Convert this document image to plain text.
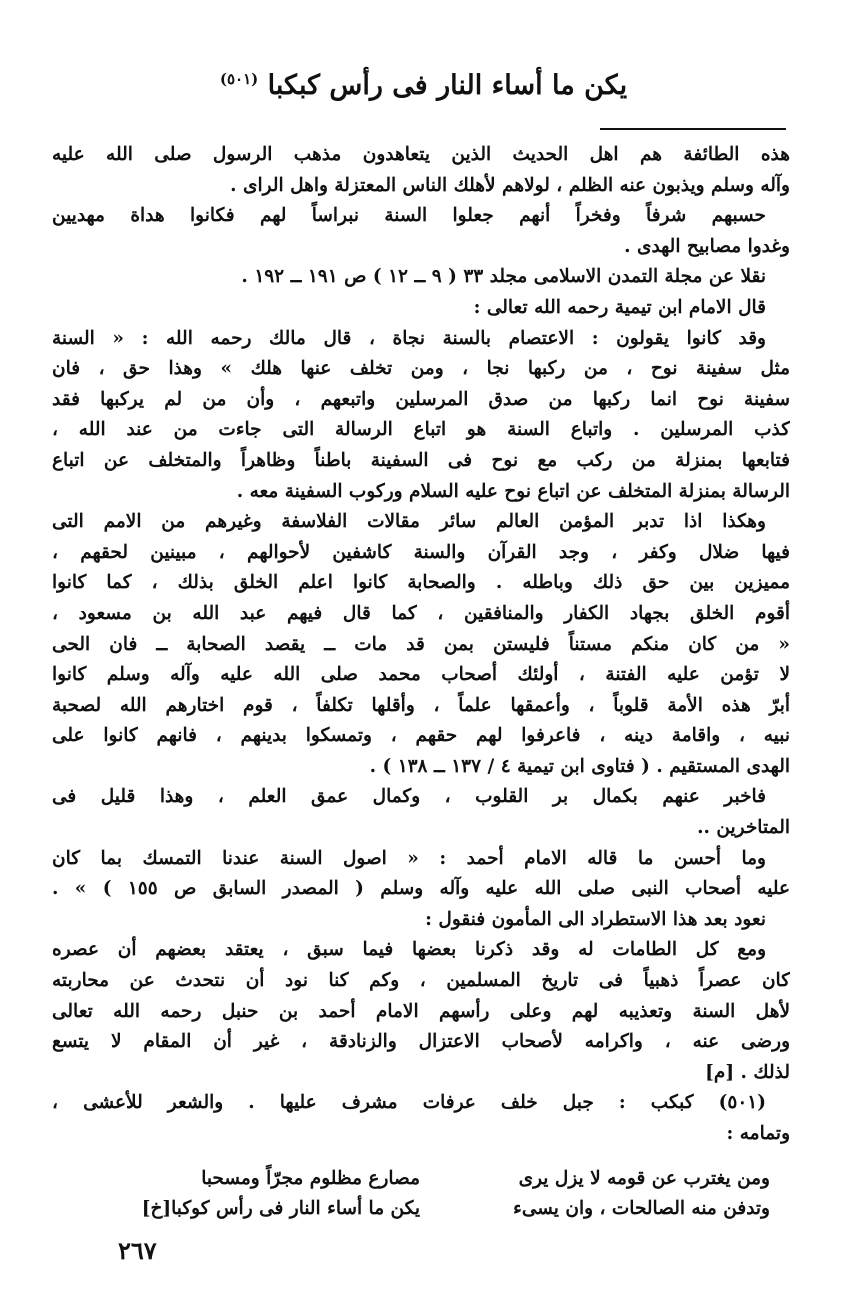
يكن ما أساء النار فى رأس كبكبا $^{(٥٠١)}$
هذه الطائفة هم اهل الحديث الذين يتعاهدون مذهب الرسول صلى الله عليه
وآله وسلم ويذبون عنه الظلم ، لولاهم لأهلك الناس المعتزلة واهل الراى .
حسبهم شرفاً وفخراً أنهم جعلوا السنة نبراساً لهم فكانوا هداة مهديين
وغدوا مصابيح الهدى .
نقلا عن مجلة التمدن الاسلامى مجلد ٣٣ ( ٩ ــ ١٢ ) ص ١٩١ ــ ١٩٢ .
قال الامام ابن تيمية رحمه الله تعالى :
وقد كانوا يقولون : الاعتصام بالسنة نجاة ، قال مالك رحمه الله : « السنة
مثل سفينة نوح ، من ركبها نجا ، ومن تخلف عنها هلك » وهذا حق ، فان
سفينة نوح انما ركبها من صدق المرسلين واتبعهم ، وأن من لم يركبها فقد
كذب المرسلين . واتباع السنة هو اتباع الرسالة التى جاءت من عند الله ،
فتابعها بمنزلة من ركب مع نوح فى السفينة باطناً وظاهراً والمتخلف عن اتباع
الرسالة بمنزلة المتخلف عن اتباع نوح عليه السلام وركوب السفينة معه .
وهكذا اذا تدبر المؤمن العالم سائر مقالات الفلاسفة وغيرهم من الامم التى
فيها ضلال وكفر ، وجد القرآن والسنة كاشفين لأحوالهم ، مبينين لحقهم ،
مميزين بين حق ذلك وباطله . والصحابة كانوا اعلم الخلق بذلك ، كما كانوا
أقوم الخلق بجهاد الكفار والمنافقين ، كما قال فيهم عبد الله بن مسعود ،
« من كان منكم مستناً فليستن بمن قد مات ــ يقصد الصحابة ــ فان الحى
لا تؤمن عليه الفتنة ، أولئك أصحاب محمد صلى الله عليه وآله وسلم كانوا
أبرّ هذه الأمة قلوباً ، وأعمقها علماً ، وأقلها تكلفاً ، قوم اختارهم الله لصحبة
نبيه ، واقامة دينه ، فاعرفوا لهم حقهم ، وتمسكوا بدينهم ، فانهم كانوا على
الهدى المستقيم . ( فتاوى ابن تيمية ٤ / ١٣٧ ــ ١٣٨ ) .
فاخبر عنهم بكمال بر القلوب ، وكمال عمق العلم ، وهذا قليل فى
المتاخرين ..
وما أحسن ما قاله الامام أحمد : « اصول السنة عندنا التمسك بما كان
عليه أصحاب النبى صلى الله عليه وآله وسلم ( المصدر السابق ص ١٥٥ ) » .
نعود بعد هذا الاستطراد الى المأمون فنقول :
ومع كل الطامات له وقد ذكرنا بعضها فيما سبق ، يعتقد بعضهم أن عصره
كان عصراً ذهبياً فى تاريخ المسلمين ، وكم كنا نود أن نتحدث عن محاربته
لأهل السنة وتعذيبه لهم وعلى رأسهم الامام أحمد بن حنبل رحمه الله تعالى
ورضى عنه ، واكرامه لأصحاب الاعتزال والزنادقة ، غير أن المقام لا يتسع
لذلك . [م]
(٥٠١) كبكب : جبل خلف عرفات مشرف عليها . والشعر للأعشى ،
وتمامه :
ومن يغترب عن قومه لا يزل يرى
مصارع مظلوم مجرّاً ومسحبا
وتدفن منه الصالحات ، وان يسىء
يكن ما أساء النار فى رأس كوكبا[خ]
٢٦٧
